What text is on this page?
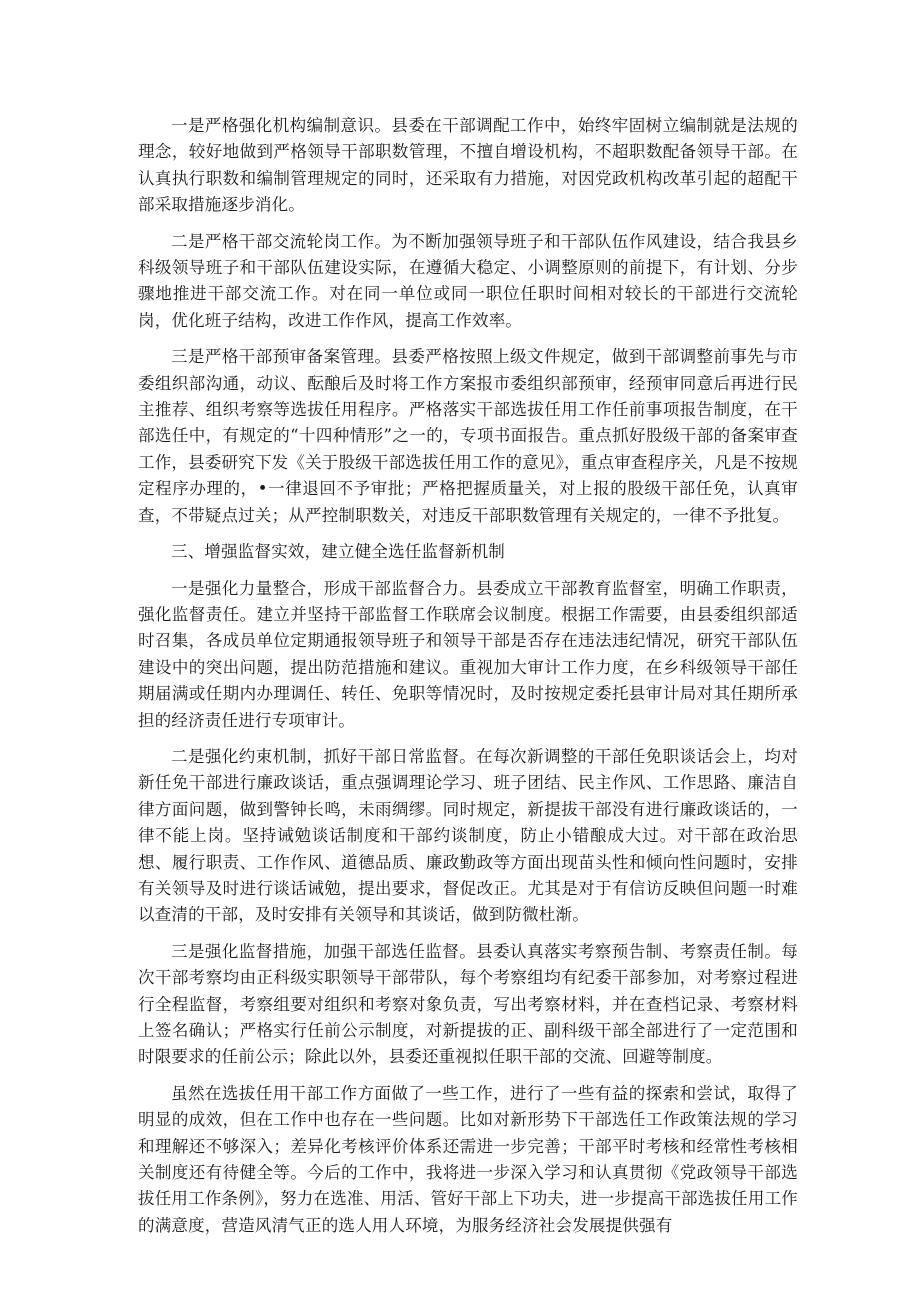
一是严格强化机构编制意识。县委在干部调配工作中，始终牢固树立编制就是法规的理念，较好地做到严格领导干部职数管理，不擅自增设机构，不超职数配备领导干部。在认真执行职数和编制管理规定的同时，还采取有力措施，对因党政机构改革引起的超配干部采取措施逐步消化。

二是严格干部交流轮岗工作。为不断加强领导班子和干部队伍作风建设，结合我县乡科级领导班子和干部队伍建设实际，在遵循大稳定、小调整原则的前提下，有计划、分步骤地推进干部交流工作。对在同一单位或同一职位任职时间相对较长的干部进行交流轮岗，优化班子结构，改进工作作风，提高工作效率。

三是严格干部预审备案管理。县委严格按照上级文件规定，做到干部调整前事先与市委组织部沟通，动议、酝酿后及时将工作方案报市委组织部预审，经预审同意后再进行民主推荐、组织考察等选拔任用程序。严格落实干部选拔任用工作任前事项报告制度，在干部选任中，有规定的“十四种情形”之一的，专项书面报告。重点抓好股级干部的备案审查工作，县委研究下发《关于股级干部选拔任用工作的意见》，重点审查程序关，凡是不按规定程序办理的，•一律退回不予审批；严格把握质量关，对上报的股级干部任免，认真审查，不带疑点过关；从严控制职数关，对违反干部职数管理有关规定的，一律不予批复。

三、增强监督实效，建立健全选任监督新机制

一是强化力量整合，形成干部监督合力。县委成立干部教育监督室，明确工作职责，强化监督责任。建立并坚持干部监督工作联席会议制度。根据工作需要，由县委组织部适时召集，各成员单位定期通报领导班子和领导干部是否存在违法违纪情况，研究干部队伍建设中的突出问题，提出防范措施和建议。重视加大审计工作力度，在乡科级领导干部任期届满或任期内办理调任、转任、免职等情况时，及时按规定委托县审计局对其任期所承担的经济责任进行专项审计。

二是强化约束机制，抓好干部日常监督。在每次新调整的干部任免职谈话会上，均对新任免干部进行廉政谈话，重点强调理论学习、班子团结、民主作风、工作思路、廉洁自律方面问题，做到警钟长鸣，未雨绸缪。同时规定，新提拔干部没有进行廉政谈话的，一律不能上岗。坚持诫勉谈话制度和干部约谈制度，防止小错酿成大过。对干部在政治思想、履行职责、工作作风、道德品质、廉政勤政等方面出现苗头性和倾向性问题时，安排有关领导及时进行谈话诫勉，提出要求，督促改正。尤其是对于有信访反映但问题一时难以查清的干部，及时安排有关领导和其谈话，做到防微杜渐。

三是强化监督措施，加强干部选任监督。县委认真落实考察预告制、考察责任制。每次干部考察均由正科级实职领导干部带队，每个考察组均有纪委干部参加，对考察过程进行全程监督，考察组要对组织和考察对象负责，写出考察材料，并在查档记录、考察材料上签名确认；严格实行任前公示制度，对新提拔的正、副科级干部全部进行了一定范围和时限要求的任前公示；除此以外，县委还重视拟任职干部的交流、回避等制度。

虽然在选拔任用干部工作方面做了一些工作，进行了一些有益的探索和尝试，取得了明显的成效，但在工作中也存在一些问题。比如对新形势下干部选任工作政策法规的学习和理解还不够深入；差异化考核评价体系还需进一步完善；干部平时考核和经常性考核相关制度还有待健全等。今后的工作中，我将进一步深入学习和认真贯彻《党政领导干部选拔任用工作条例》，努力在选准、用活、管好干部上下功夫，进一步提高干部选拔任用工作的满意度，营造风清气正的选人用人环境，为服务经济社会发展提供强有
